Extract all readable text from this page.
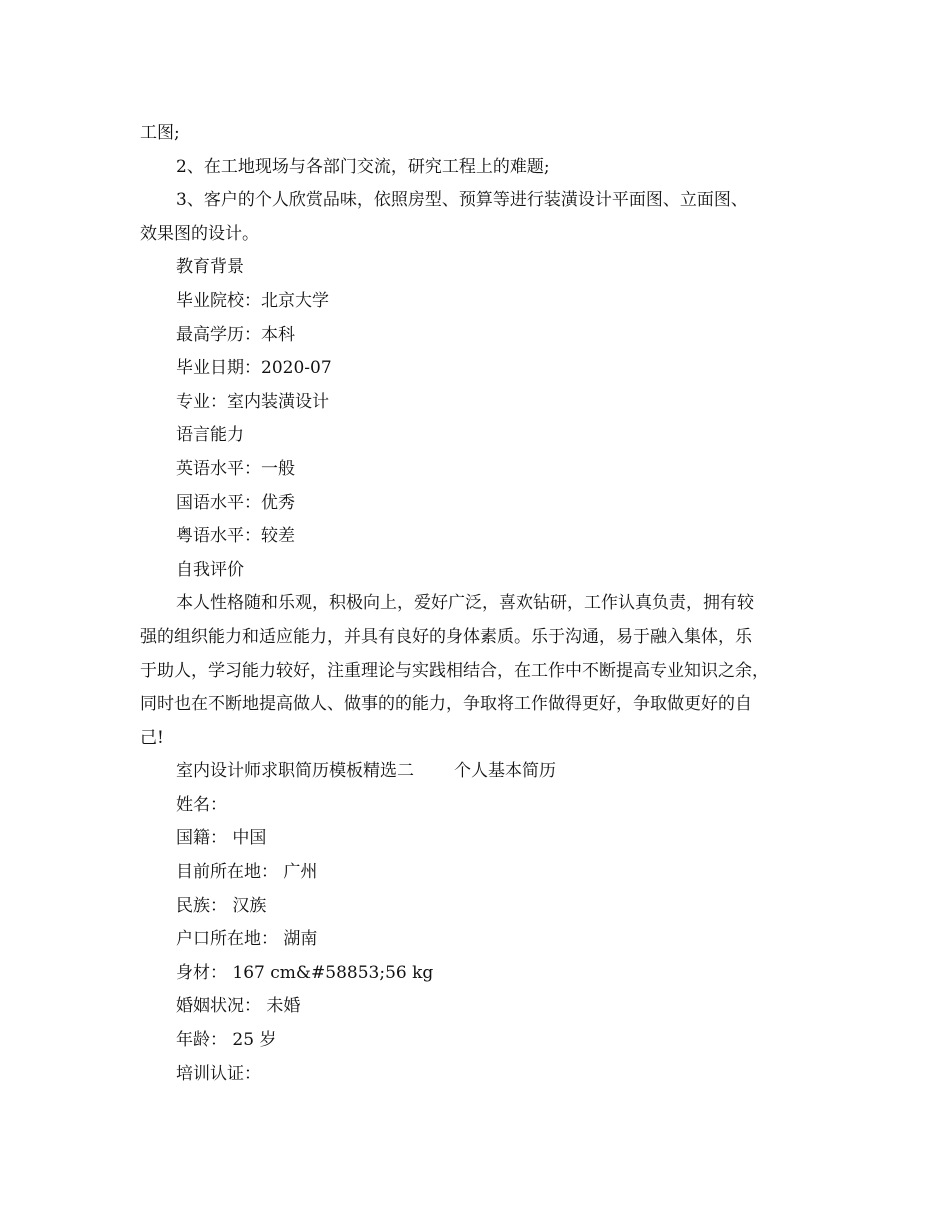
工图;
2、在工地现场与各部门交流，研究工程上的难题;
3、客户的个人欣赏品味，依照房型、预算等进行装潢设计平面图、立面图、
效果图的设计。
教育背景
毕业院校：北京大学
最高学历：本科
毕业日期：2020-07
专业：室内装潢设计
语言能力
英语水平：一般
国语水平：优秀
粤语水平：较差
自我评价
本人性格随和乐观，积极向上，爱好广泛，喜欢钻研，工作认真负责，拥有较
强的组织能力和适应能力，并具有良好的身体素质。乐于沟通，易于融入集体，乐
于助人，学习能力较好，注重理论与实践相结合，在工作中不断提高专业知识之余，
同时也在不断地提高做人、做事的的能力，争取将工作做得更好，争取做更好的自
己!
室内设计师求职简历模板精选二 个人基本简历
姓名：
国籍： 中国
目前所在地： 广州
民族： 汉族
户口所在地： 湖南
身材： 167 cm&#58853;56 kg
婚姻状况： 未婚
年龄： 25 岁
培训认证：
